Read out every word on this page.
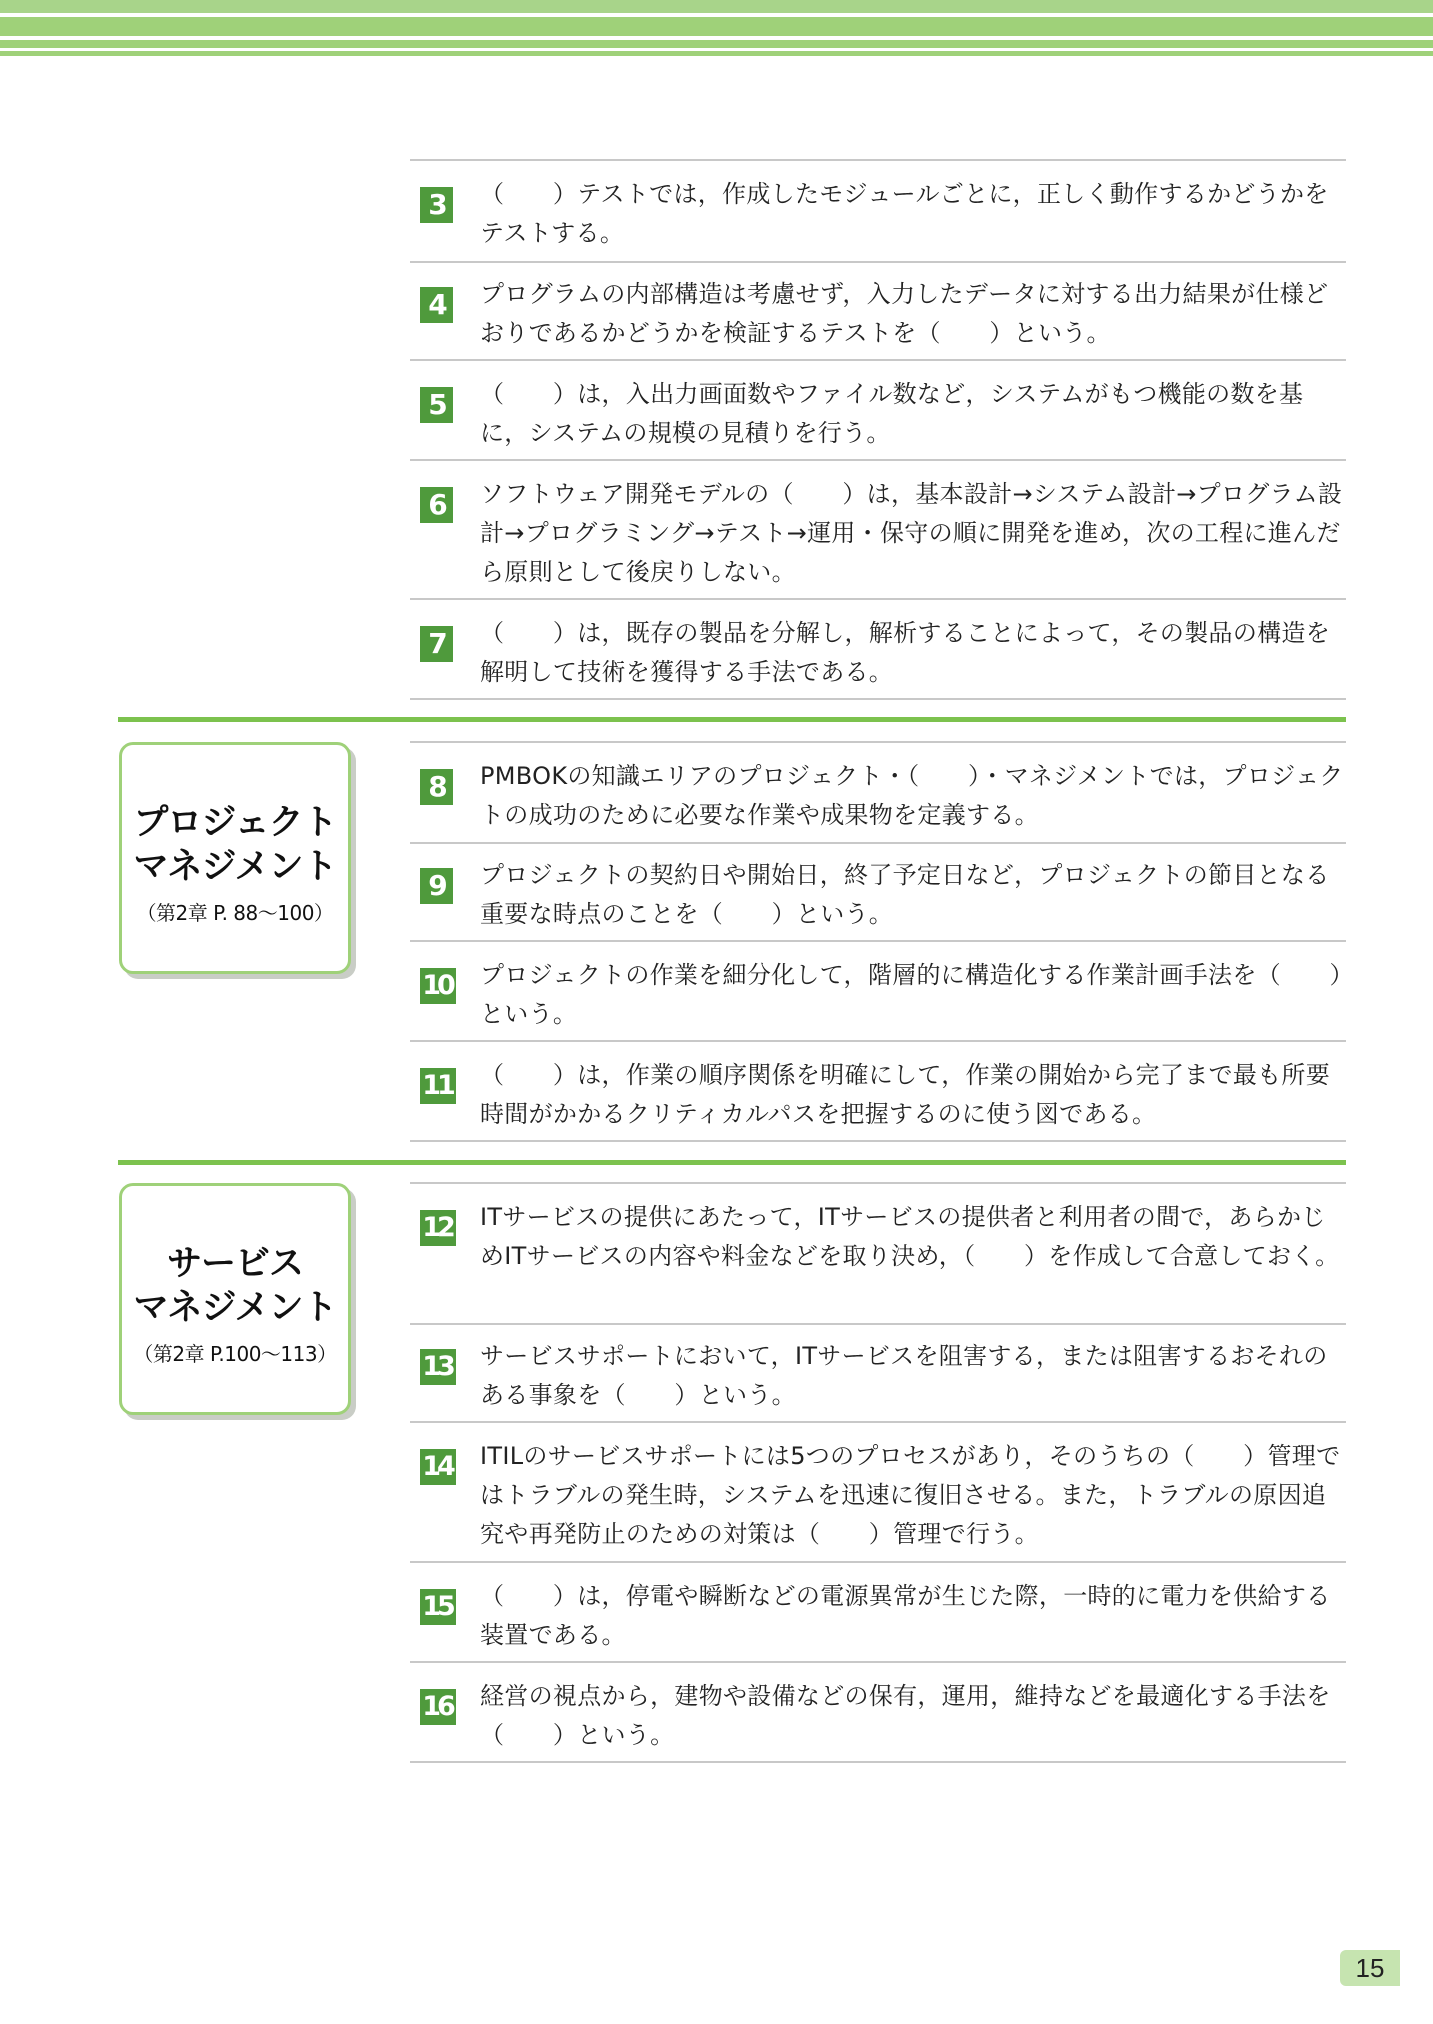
3	（　　）テストでは，作成したモジュールごとに，正しく動作するかどうかをテストする。
4	プログラムの内部構造は考慮せず，入力したデータに対する出力結果が仕様どおりであるかどうかを検証するテストを（　　）という。
5	（　　）は，入出力画面数やファイル数など，システムがもつ機能の数を基に，システムの規模の見積りを行う。
6	ソフトウェア開発モデルの（　　）は，基本設計→システム設計→プログラム設計→プログラミング→テスト→運用・保守の順に開発を進め，次の工程に進んだら原則として後戻りしない。
7	（　　）は，既存の製品を分解し，解析することによって，その製品の構造を解明して技術を獲得する手法である。
プロジェクト
マネジメント
（第2章 P. 88～100）
8	PMBOKの知識エリアのプロジェクト・（　　）・マネジメントでは，プロジェクトの成功のために必要な作業や成果物を定義する。
9	プロジェクトの契約日や開始日，終了予定日など，プロジェクトの節目となる重要な時点のことを（　　）という。
10 プロジェクトの作業を細分化して，階層的に構造化する作業計画手法を（　　）という。
11 （　　）は，作業の順序関係を明確にして，作業の開始から完了まで最も所要時間がかかるクリティカルパスを把握するのに使う図である。
サービス
マネジメント
（第2章 P.100～113）
12 ITサービスの提供にあたって，ITサービスの提供者と利用者の間で，あらかじめITサービスの内容や料金などを取り決め，（　　）を作成して合意しておく。
13 サービスサポートにおいて，ITサービスを阻害する，または阻害するおそれのある事象を（　　）という。
14 ITILのサービスサポートには5つのプロセスがあり，そのうちの（　　）管理ではトラブルの発生時，システムを迅速に復旧させる。また，トラブルの原因追究や再発防止のための対策は（　　）管理で行う。
15 （　　）は，停電や瞬断などの電源異常が生じた際，一時的に電力を供給する装置である。
16 経営の視点から，建物や設備などの保有，運用，維持などを最適化する手法を（　　）という。
15
